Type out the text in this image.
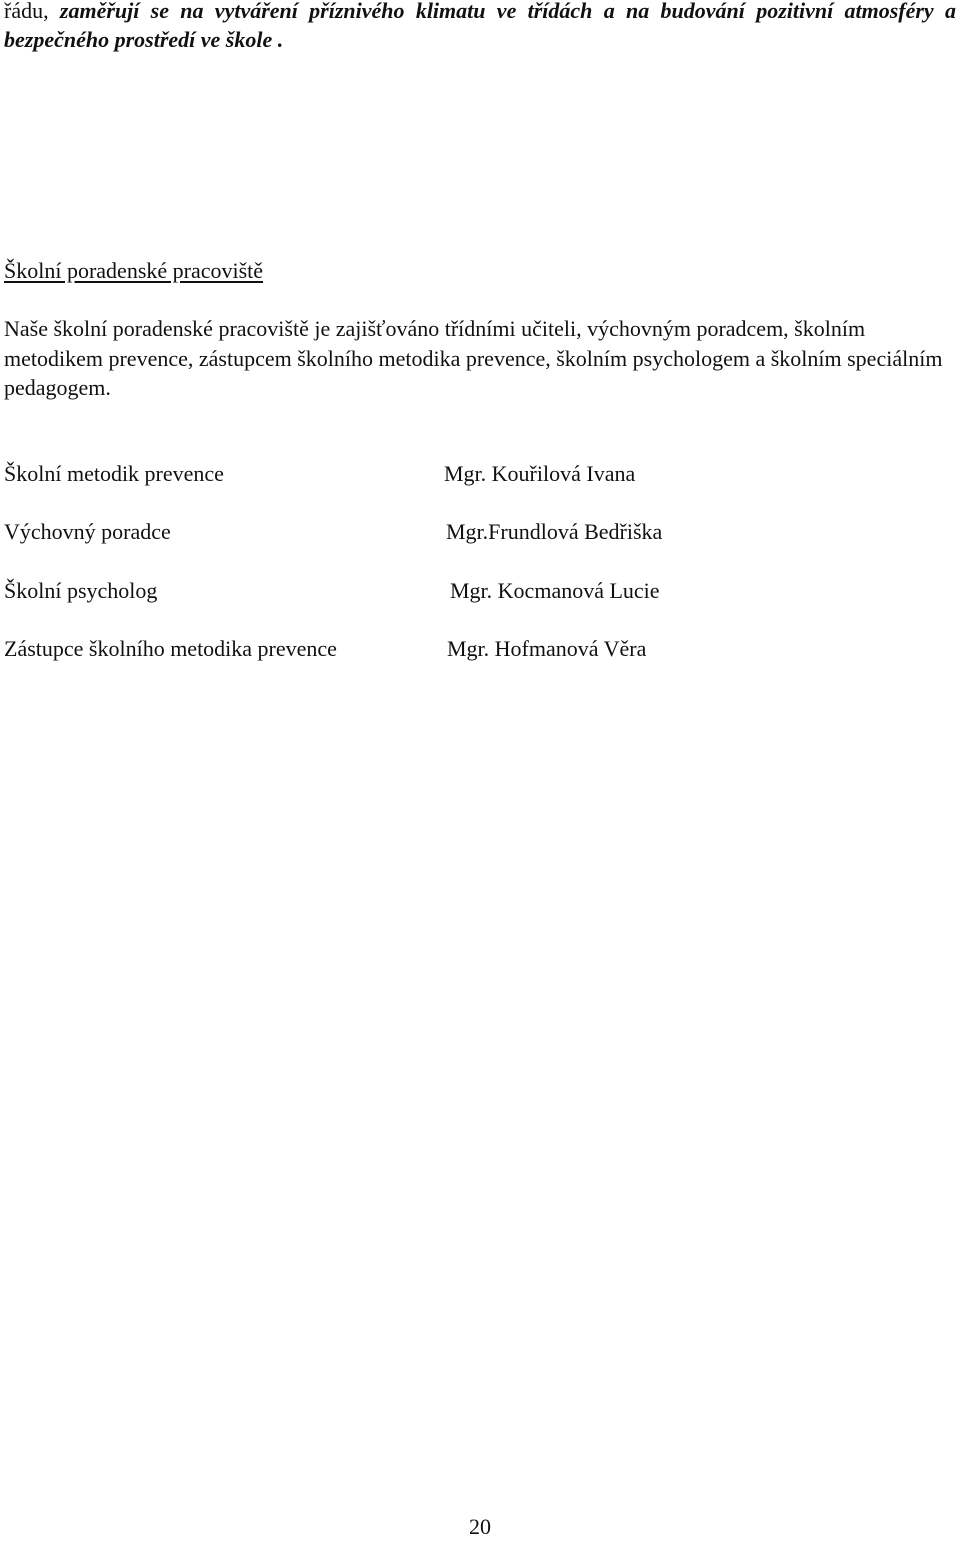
řádu, zaměřují se na vytváření příznivého klimatu ve třídách a na budování pozitivní atmosféry a bezpečného prostředí ve škole .

Školní poradenské pracoviště

Naše školní poradenské pracoviště je zajišťováno třídními učiteli, výchovným poradcem, školním metodikem prevence, zástupcem školního metodika prevence, školním psychologem a školním speciálním pedagogem.

Školní metodik prevence	Mgr. Kouřilová Ivana
Výchovný poradce	Mgr.Frundlová Bedřiška
Školní psycholog	Mgr. Kocmanová Lucie
Zástupce školního metodika prevence	Mgr. Hofmanová Věra
20
